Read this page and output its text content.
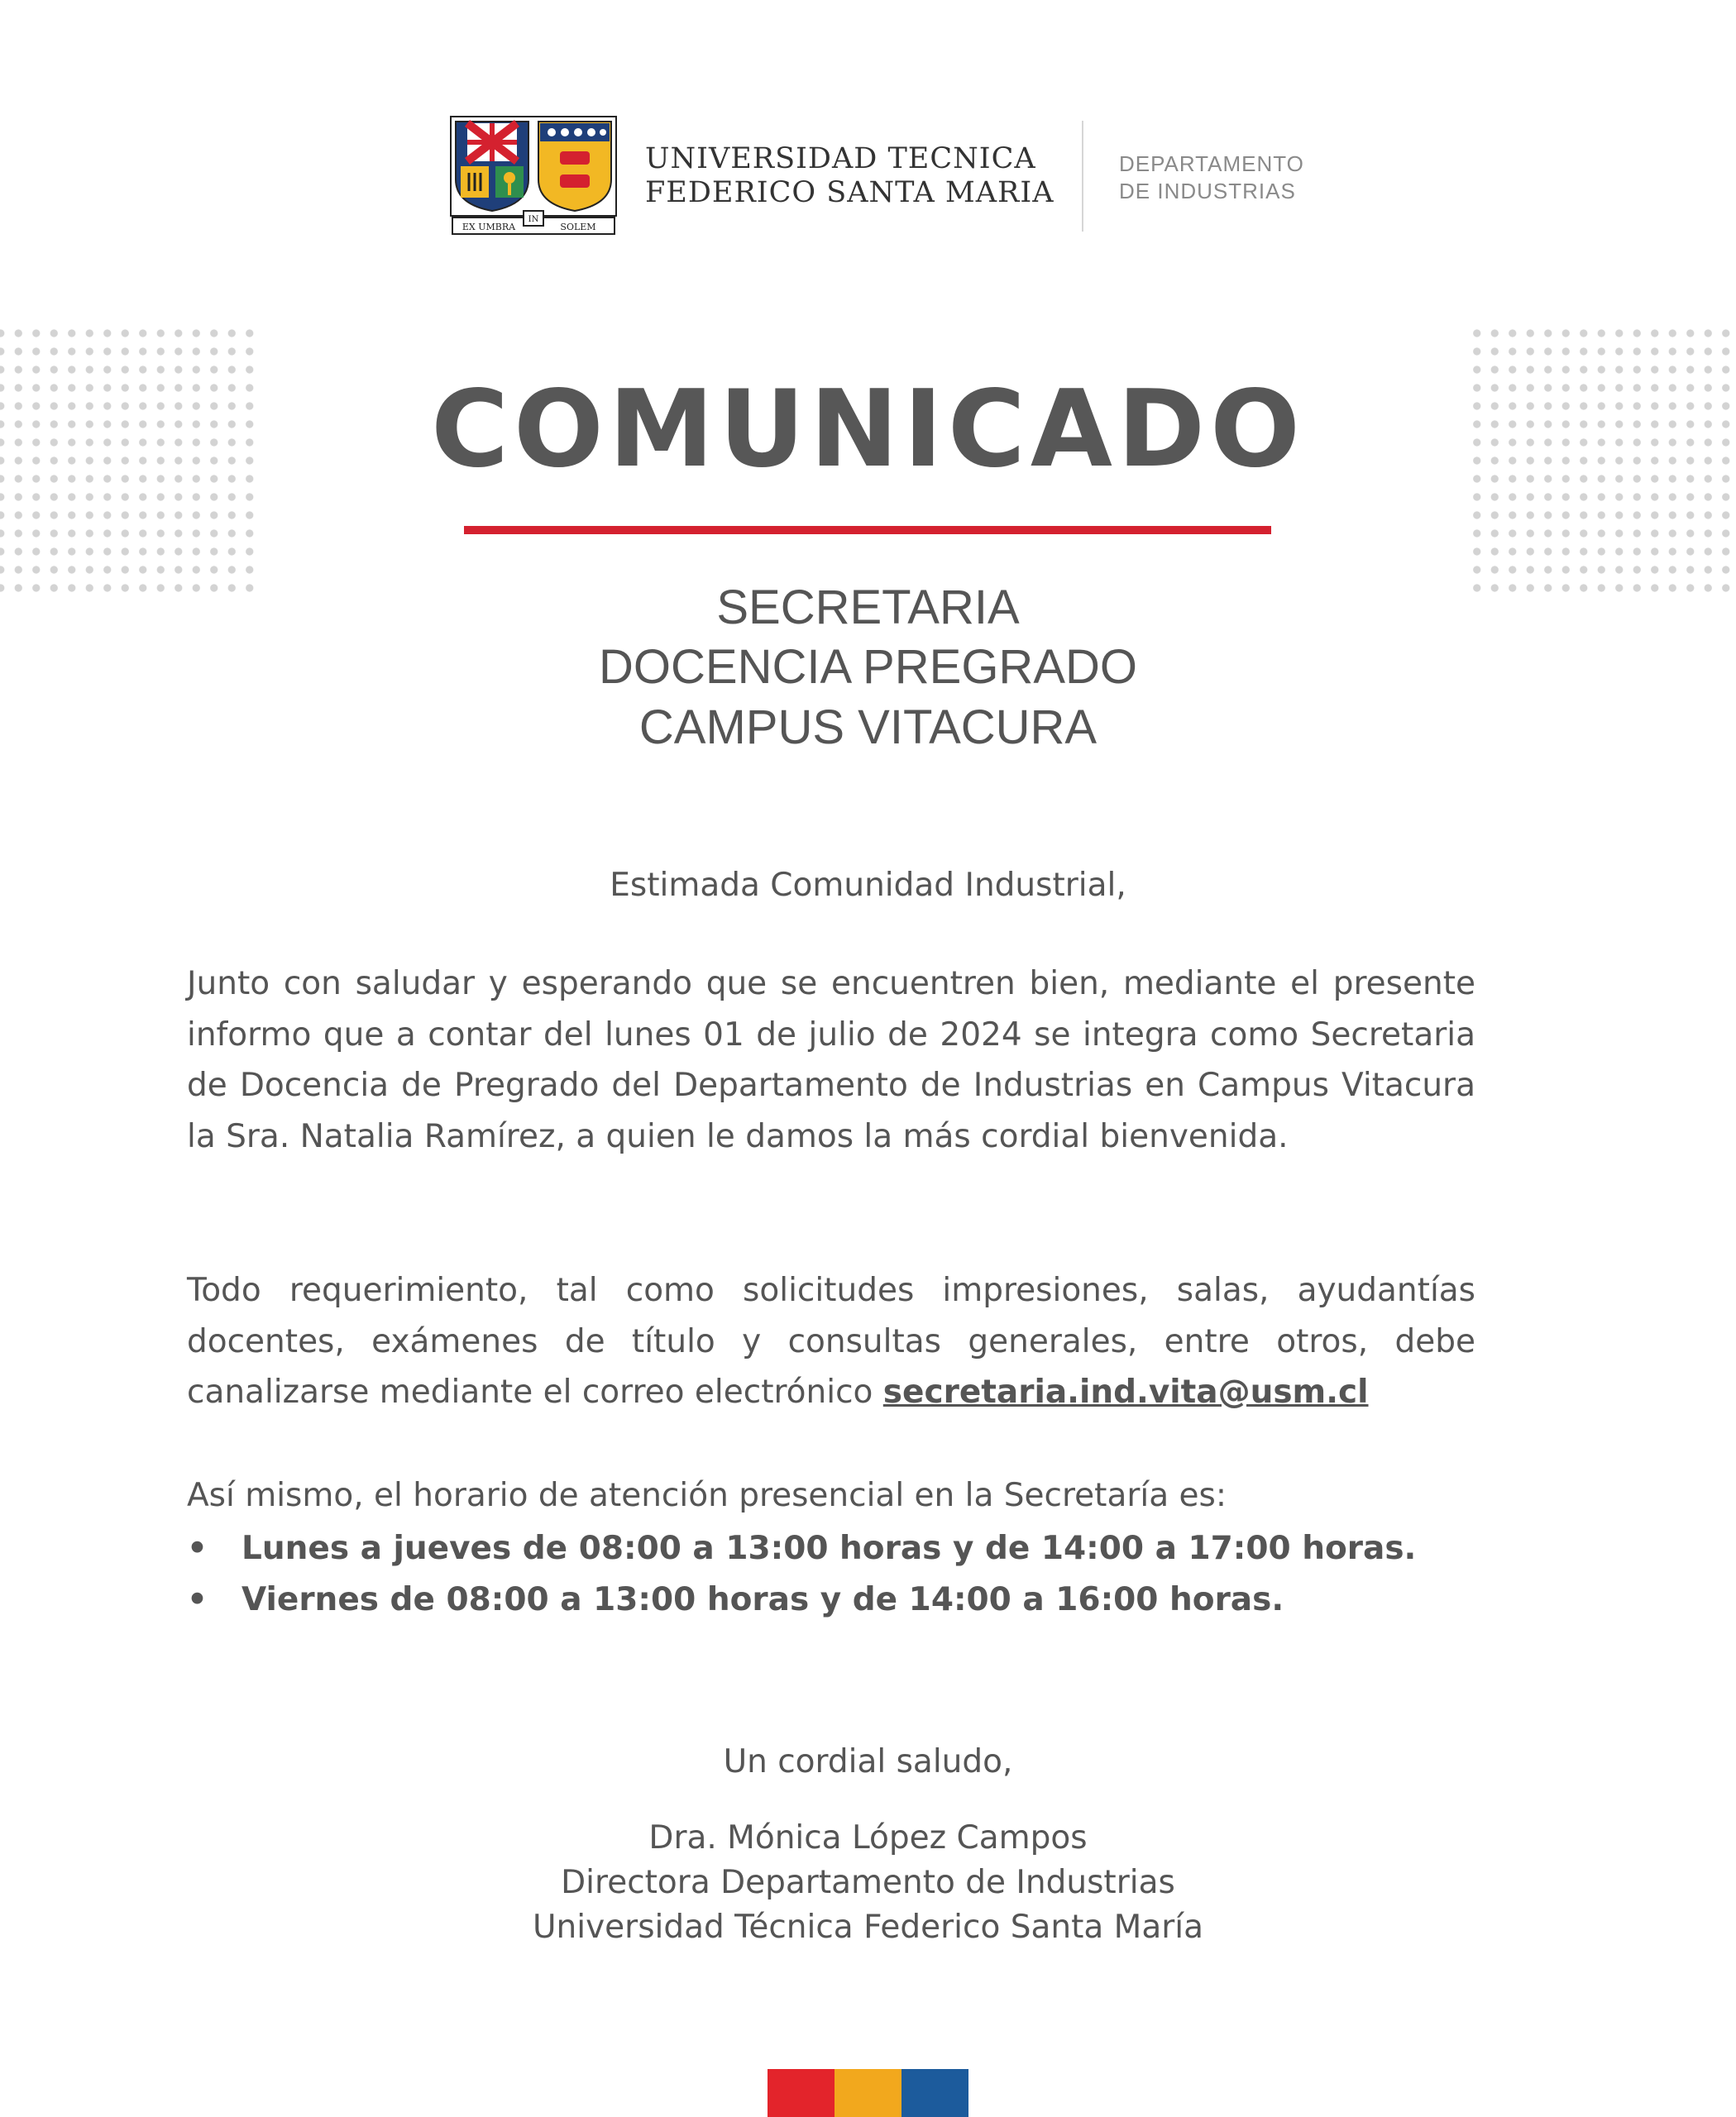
EX UMBRA
IN
SOLEM
UNIVERSIDAD TECNICA
FEDERICO SANTA MARIA
DEPARTAMENTO
DE INDUSTRIAS
COMUNICADO
SECRETARIA
DOCENCIA PREGRADO
CAMPUS VITACURA
Estimada Comunidad Industrial,
Junto con saludar y esperando que se encuentren bien, mediante el presente informo que a contar del lunes 01 de julio de 2024 se integra como Secretaria de Docencia de Pregrado del Departamento de Industrias en Campus Vitacura la Sra. Natalia Ramírez, a quien le damos la más cordial bienvenida.
Todo requerimiento, tal como solicitudes impresiones, salas, ayudantías docentes, exámenes de título y consultas generales, entre otros, debe canalizarse mediante el correo electrónico secretaria.ind.vita@usm.cl
Así mismo, el horario de atención presencial en la Secretaría es:
• Lunes a jueves de 08:00 a 13:00 horas y de 14:00 a 17:00 horas.
• Viernes de 08:00 a 13:00 horas y de 14:00 a 16:00 horas.
Un cordial saludo,
Dra. Mónica López Campos
Directora Departamento de Industrias
Universidad Técnica Federico Santa María
